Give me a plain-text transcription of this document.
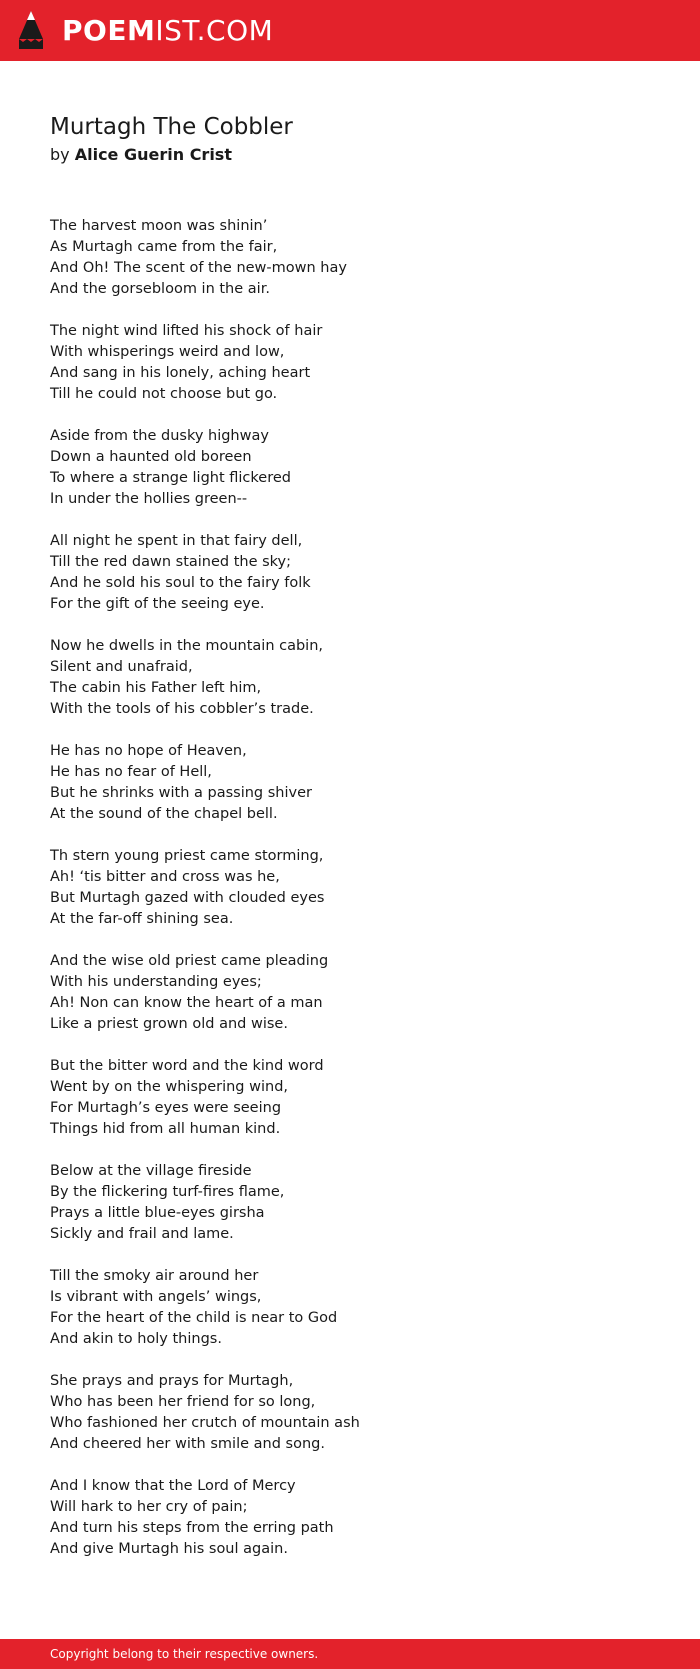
POEMIST.COM
Murtagh The Cobbler
by Alice Guerin Crist
The harvest moon was shinin’
As Murtagh came from the fair,
And Oh! The scent of the new-mown hay
And the gorsebloom in the air.
The night wind lifted his shock of hair
With whisperings weird and low,
And sang in his lonely, aching heart
Till he could not choose but go.
Aside from the dusky highway
Down a haunted old boreen
To where a strange light flickered
In under the hollies green--
All night he spent in that fairy dell,
Till the red dawn stained the sky;
And he sold his soul to the fairy folk
For the gift of the seeing eye.
Now he dwells in the mountain cabin,
Silent and unafraid,
The cabin his Father left him,
With the tools of his cobbler’s trade.
He has no hope of Heaven,
He has no fear of Hell,
But he shrinks with a passing shiver
At the sound of the chapel bell.
Th stern young priest came storming,
Ah! ‘tis bitter and cross was he,
But Murtagh gazed with clouded eyes
At the far-off shining sea.
And the wise old priest came pleading
With his understanding eyes;
Ah! Non can know the heart of a man
Like a priest grown old and wise.
But the bitter word and the kind word
Went by on the whispering wind,
For Murtagh’s eyes were seeing
Things hid from all human kind.
Below at the village fireside
By the flickering turf-fires flame,
Prays a little blue-eyes girsha
Sickly and frail and lame.
Till the smoky air around her
Is vibrant with angels’ wings,
For the heart of the child is near to God
And akin to holy things.
She prays and prays for Murtagh,
Who has been her friend for so long,
Who fashioned her crutch of mountain ash
And cheered her with smile and song.
And I know that the Lord of Mercy
Will hark to her cry of pain;
And turn his steps from the erring path
And give Murtagh his soul again.
Copyright belong to their respective owners.
